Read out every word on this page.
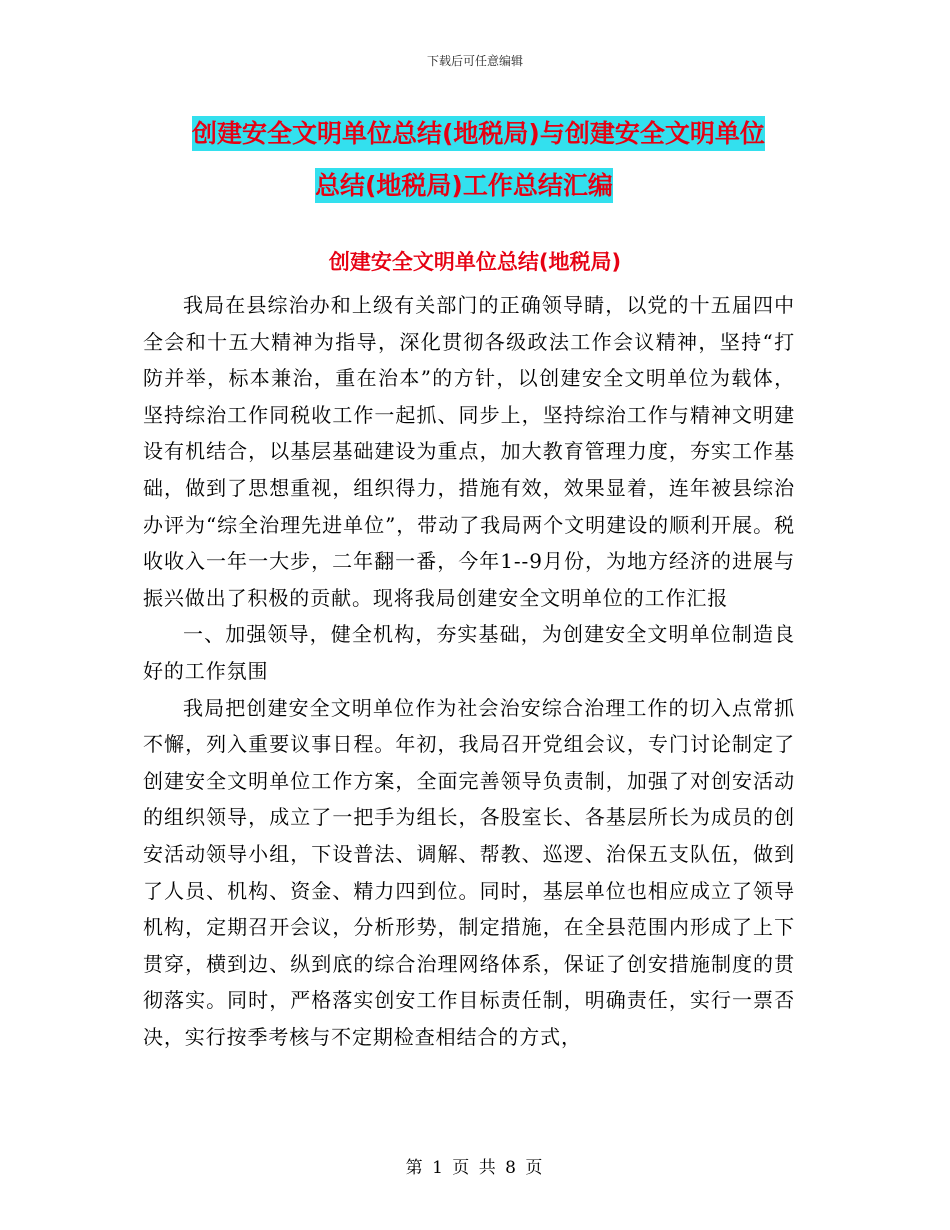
下载后可任意编辑
创建安全文明单位总结(地税局)与创建安全文明单位
总结(地税局)工作总结汇编
创建安全文明单位总结(地税局)

我局在县综治办和上级有关部门的正确领导睛，以党的十五届四中全会和十五大精神为指导，深化贯彻各级政法工作会议精神，坚持“打防并举，标本兼治，重在治本”的方针，以创建安全文明单位为载体，坚持综治工作同税收工作一起抓、同步上，坚持综治工作与精神文明建设有机结合，以基层基础建设为重点，加大教育管理力度，夯实工作基础，做到了思想重视，组织得力，措施有效，效果显着，连年被县综治办评为“综全治理先进单位”，带动了我局两个文明建设的顺利开展。税收收入一年一大步，二年翻一番，今年1--9月份，为地方经济的进展与振兴做出了积极的贡献。现将我局创建安全文明单位的工作汇报

一、加强领导，健全机构，夯实基础，为创建安全文明单位制造良好的工作氛围

我局把创建安全文明单位作为社会治安综合治理工作的切入点常抓不懈，列入重要议事日程。年初，我局召开党组会议，专门讨论制定了创建安全文明单位工作方案，全面完善领导负责制，加强了对创安活动的组织领导，成立了一把手为组长，各股室长、各基层所长为成员的创安活动领导小组，下设普法、调解、帮教、巡逻、治保五支队伍，做到了人员、机构、资金、精力四到位。同时，基层单位也相应成立了领导机构，定期召开会议，分析形势，制定措施，在全县范围内形成了上下贯穿，横到边、纵到底的综合治理网络体系，保证了创安措施制度的贯彻落实。同时，严格落实创安工作目标责任制，明确责任，实行一票否决，实行按季考核与不定期检查相结合的方式，

第 1 页 共 8 页
